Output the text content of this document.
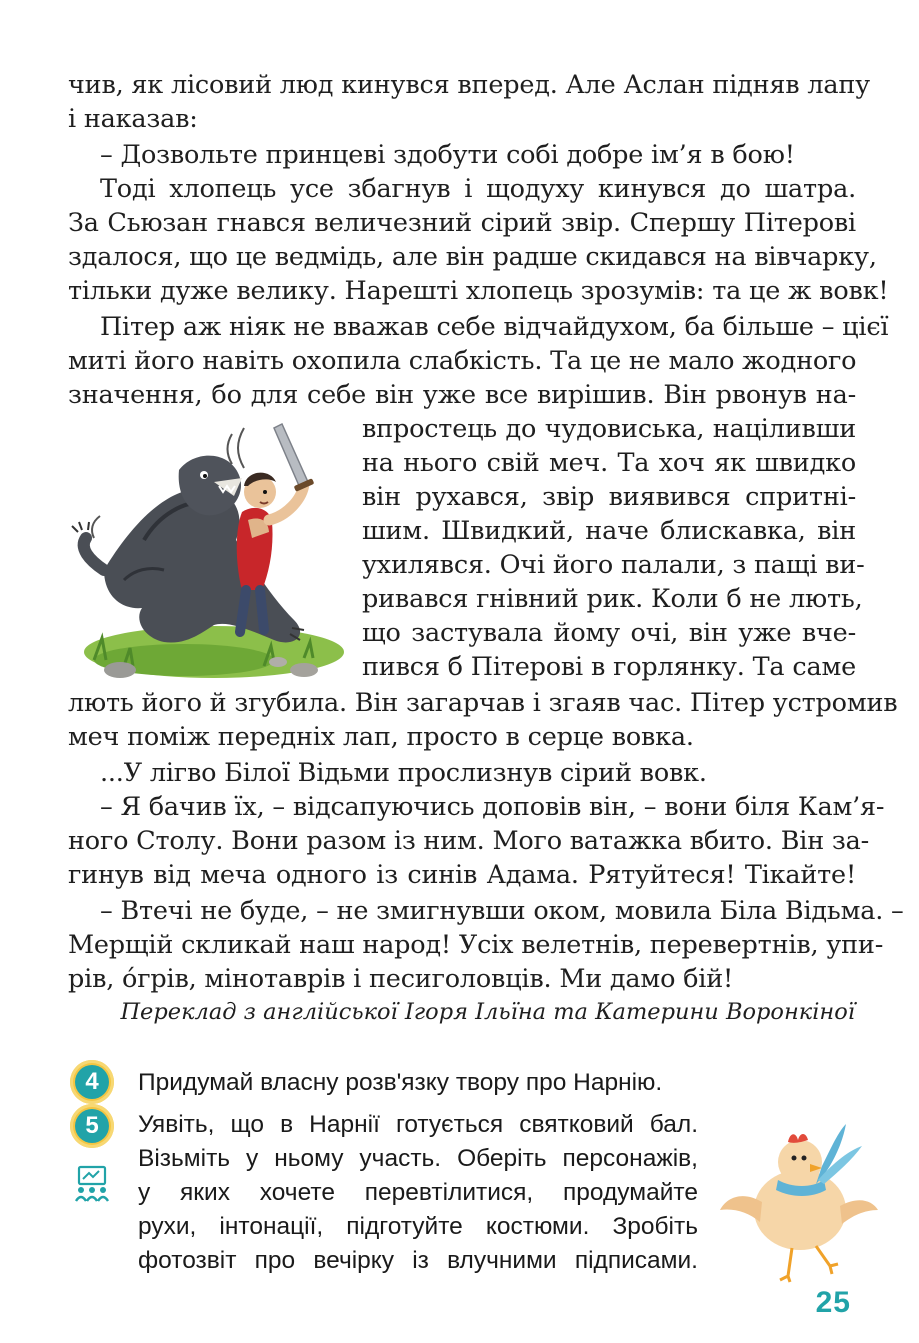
чив, як лісовий люд кинувся вперед. Але Аслан підняв лапу
і наказав:
– Дозвольте принцеві здобути собі добре ім’я в бою!
Тоді хлопець усе збагнув і щодуху кинувся до шатра.
За Сьюзан гнався величезний сірий звір. Спершу Пітерові
здалося, що це ведмідь, але він радше скидався на вівчарку,
тільки дуже велику. Нарешті хлопець зрозумів: та це ж вовк!
Пітер аж ніяк не вважав себе відчайдухом, ба більше – цієї
миті його навіть охопила слабкість. Та це не мало жодного
значення, бо для себе він уже все вирішив. Він рвонув на-
впростець до чудовиська, націливши
на нього свій меч. Та хоч як швидко
він рухався, звір виявився спритні-
шим. Швидкий, наче блискавка, він
ухилявся. Очі його палали, з пащі ви-
ривався гнівний рик. Коли б не лють,
що застувала йому очі, він уже вче-
пився б Пітерові в горлянку. Та саме
лють його й згубила. Він загарчав і згаяв час. Пітер устромив
меч поміж передніх лап, просто в серце вовка.
...У лігво Білої Відьми прослизнув сірий вовк.
– Я бачив їх, – відсапуючись доповів він, – вони біля Кам’я-
ного Столу. Вони разом із ним. Мого ватажка вбито. Він за-
гинув від меча одного із синів Адама. Рятуйтеся! Тікайте!
– Втечі не буде, – не змигнувши оком, мовила Біла Відьма. –
Мерщій скликай наш народ! Усіх велетнів, перевертнів, упи-
рів, о́грів, мінотаврів і песиголовців. Ми дамо бій!
Переклад з англійської Ігоря Ільїна та Катерини Воронкіної
4	Придумай власну розв'язку твору про Нарнію.
5	Уявіть, що в Нарнії готується святковий бал.
Візьміть у ньому участь. Оберіть персонажів,
у яких хочете перевтілитися, продумайте
рухи, інтонації, підготуйте костюми. Зробіть
фотозвіт про вечірку із влучними підписами.
25
